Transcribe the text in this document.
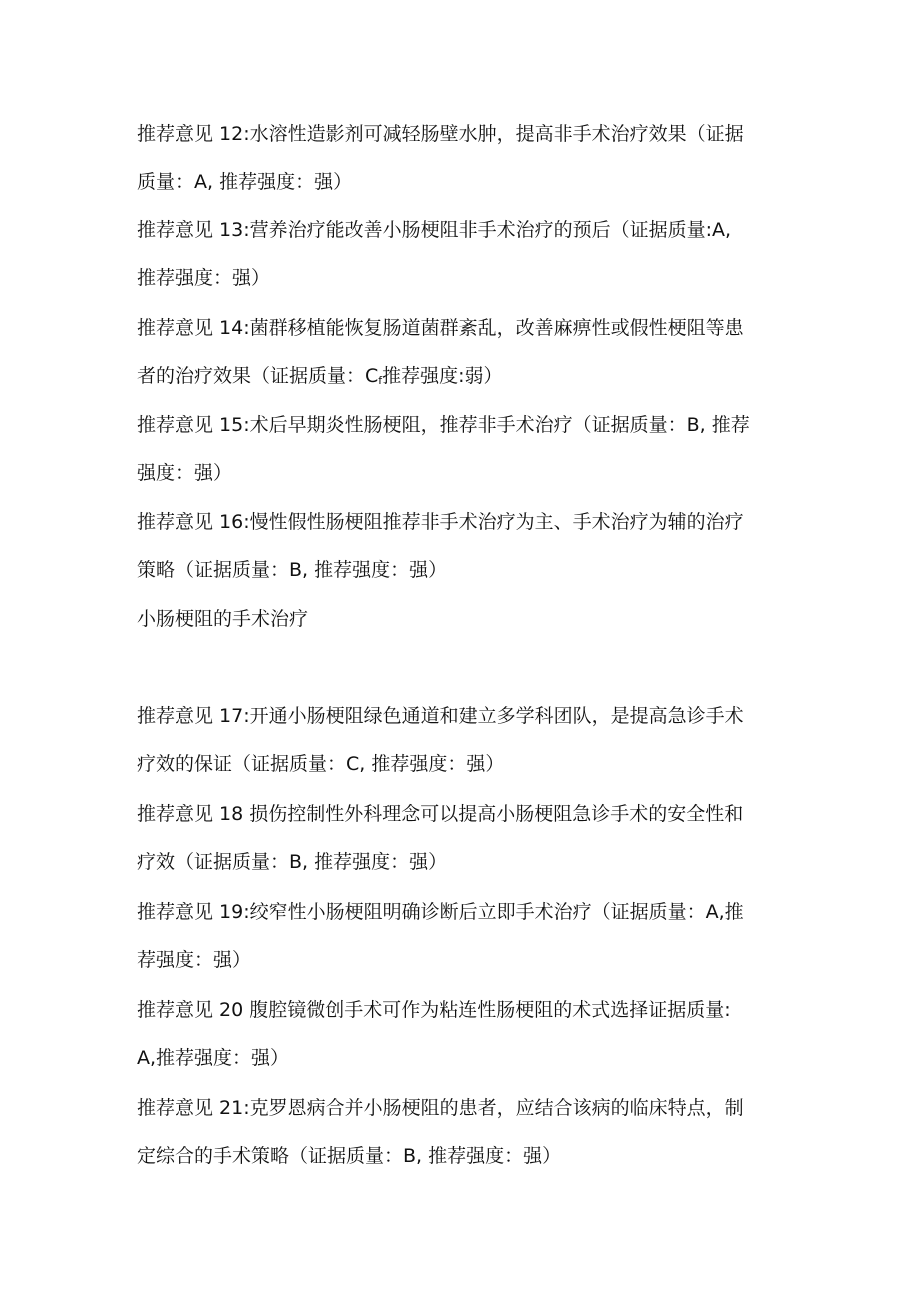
推荐意见 12:水溶性造影剂可减轻肠壁水肿，提高非手术治疗效果（证据
质量：A, 推荐强度：强）
推荐意见 13:营养治疗能改善小肠梗阻非手术治疗的预后（证据质量:A,
推荐强度：强）
推荐意见 14:菌群移植能恢复肠道菌群紊乱，改善麻痹性或假性梗阻等患
者的治疗效果（证据质量：$C_f$推荐强度:弱）
推荐意见 15:术后早期炎性肠梗阻，推荐非手术治疗（证据质量：B, 推荐
强度：强）
推荐意见 16:慢性假性肠梗阻推荐非手术治疗为主、手术治疗为辅的治疗
策略（证据质量：B, 推荐强度：强）
小肠梗阻的手术治疗
推荐意见 17:开通小肠梗阻绿色通道和建立多学科团队，是提高急诊手术
疗效的保证（证据质量：C, 推荐强度：强）
推荐意见 18 损伤控制性外科理念可以提高小肠梗阻急诊手术的安全性和
疗效（证据质量：B, 推荐强度：强）
推荐意见 19:绞窄性小肠梗阻明确诊断后立即手术治疗（证据质量：A,推
荐强度：强）
推荐意见 20 腹腔镜微创手术可作为粘连性肠梗阻的术式选择证据质量:
A,推荐强度：强）
推荐意见 21:克罗恩病合并小肠梗阻的患者，应结合该病的临床特点，制
定综合的手术策略（证据质量：B, 推荐强度：强）
